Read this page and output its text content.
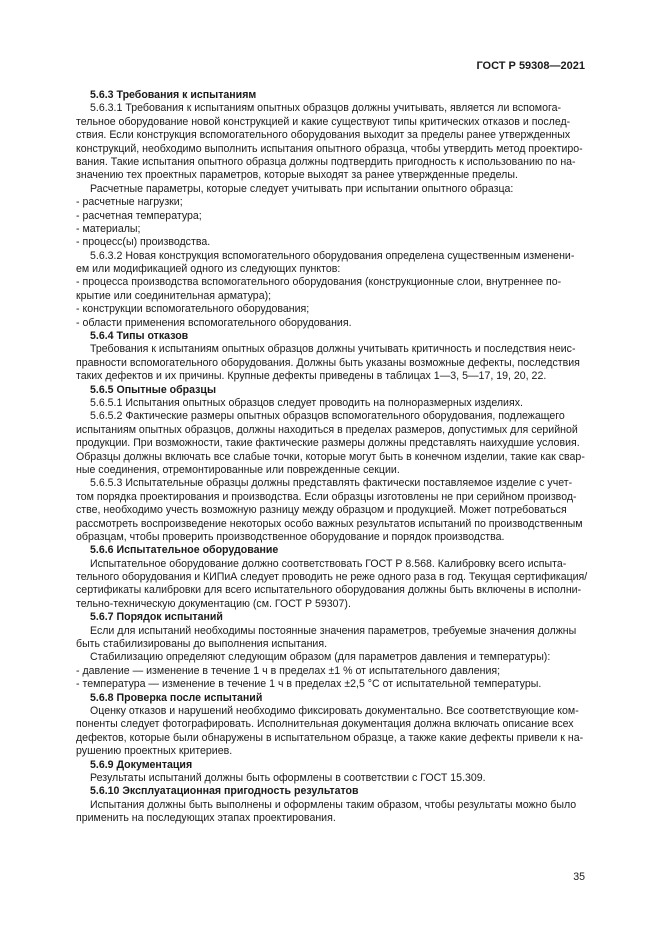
ГОСТ Р 59308—2021
5.6.3 Требования к испытаниям
5.6.3.1 Требования к испытаниям опытных образцов должны учитывать, является ли вспомога-
тельное оборудование новой конструкцией и какие существуют типы критических отказов и послед-
ствия. Если конструкция вспомогательного оборудования выходит за пределы ранее утвержденных
конструкций, необходимо выполнить испытания опытного образца, чтобы утвердить метод проектиро-
вания. Такие испытания опытного образца должны подтвердить пригодность к использованию по на-
значению тех проектных параметров, которые выходят за ранее утвержденные пределы.
Расчетные параметры, которые следует учитывать при испытании опытного образца:
- расчетные нагрузки;
- расчетная температура;
- материалы;
- процесс(ы) производства.
5.6.3.2 Новая конструкция вспомогательного оборудования определена существенным изменени-
ем или модификацией одного из следующих пунктов:
- процесса производства вспомогательного оборудования (конструкционные слои, внутреннее по-
крытие или соединительная арматура);
- конструкции вспомогательного оборудования;
- области применения вспомогательного оборудования.
5.6.4 Типы отказов
Требования к испытаниям опытных образцов должны учитывать критичность и последствия неис-
правности вспомогательного оборудования. Должны быть указаны возможные дефекты, последствия
таких дефектов и их причины. Крупные дефекты приведены в таблицах 1—3, 5—17, 19, 20, 22.
5.6.5 Опытные образцы
5.6.5.1 Испытания опытных образцов следует проводить на полноразмерных изделиях.
5.6.5.2 Фактические размеры опытных образцов вспомогательного оборудования, подлежащего
испытаниям опытных образцов, должны находиться в пределах размеров, допустимых для серийной
продукции. При возможности, такие фактические размеры должны представлять наихудшие условия.
Образцы должны включать все слабые точки, которые могут быть в конечном изделии, такие как свар-
ные соединения, отремонтированные или поврежденные секции.
5.6.5.3 Испытательные образцы должны представлять фактически поставляемое изделие с учет-
том порядка проектирования и производства. Если образцы изготовлены не при серийном производ-
стве, необходимо учесть возможную разницу между образцом и продукцией. Может потребоваться
рассмотреть воспроизведение некоторых особо важных результатов испытаний по производственным
образцам, чтобы проверить производственное оборудование и порядок производства.
5.6.6 Испытательное оборудование
Испытательное оборудование должно соответствовать ГОСТ Р 8.568. Калибровку всего испыта-
тельного оборудования и КИПиА следует проводить не реже одного раза в год. Текущая сертификация/
сертификаты калибровки для всего испытательного оборудования должны быть включены в исполни-
тельно-техническую документацию (см. ГОСТ Р 59307).
5.6.7 Порядок испытаний
Если для испытаний необходимы постоянные значения параметров, требуемые значения должны
быть стабилизированы до выполнения испытания.
Стабилизацию определяют следующим образом (для параметров давления и температуры):
- давление — изменение в течение 1 ч в пределах ±1 % от испытательного давления;
- температура — изменение в течение 1 ч в пределах ±2,5 °С от испытательной температуры.
5.6.8 Проверка после испытаний
Оценку отказов и нарушений необходимо фиксировать документально. Все соответствующие ком-
поненты следует фотографировать. Исполнительная документация должна включать описание всех
дефектов, которые были обнаружены в испытательном образце, а также какие дефекты привели к на-
рушению проектных критериев.
5.6.9 Документация
Результаты испытаний должны быть оформлены в соответствии с ГОСТ 15.309.
5.6.10 Эксплуатационная пригодность результатов
Испытания должны быть выполнены и оформлены таким образом, чтобы результаты можно было
применить на последующих этапах проектирования.
35
